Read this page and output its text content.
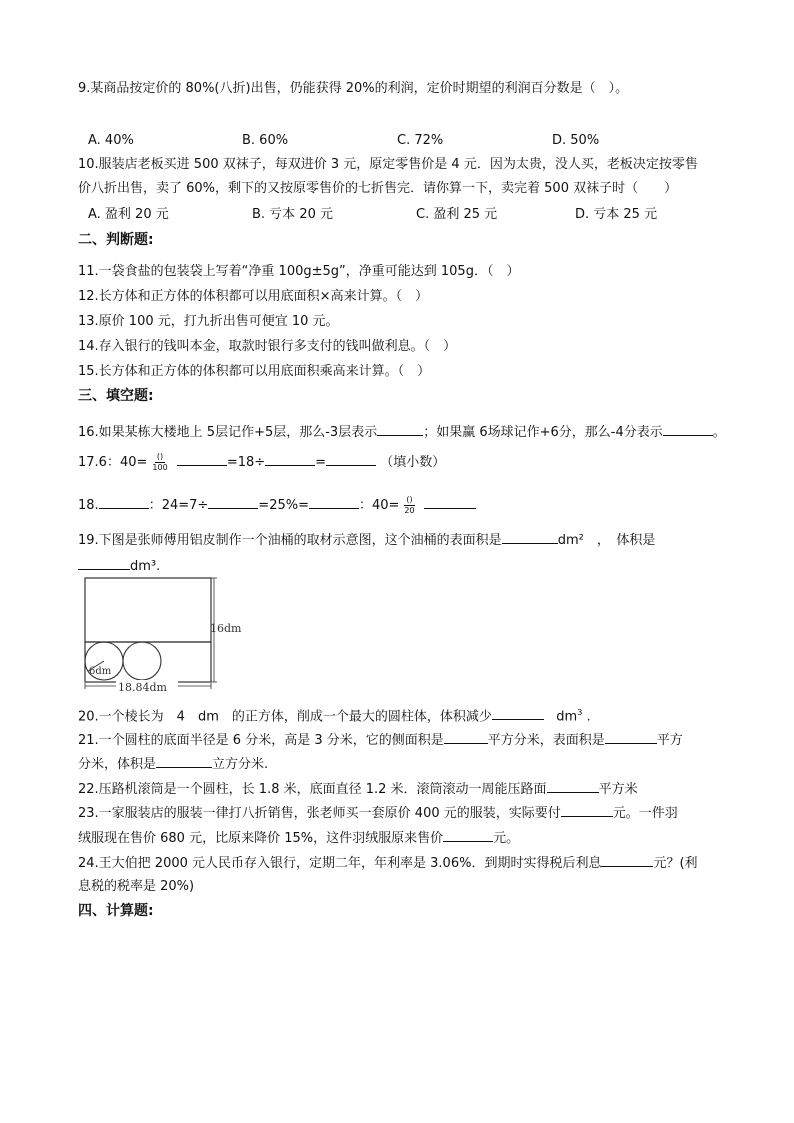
9.某商品按定价的 80%(八折)出售，仍能获得 20%的利润，定价时期望的利润百分数是（　）。
A. 40%	B. 60%	C. 72%	D. 50%
10.服装店老板买进 500 双袜子，每双进价 3 元，原定零售价是 4 元．因为太贵，没人买，老板决定按零售
价八折出售，卖了 60%，剩下的又按原零售价的七折售完．请你算一下，卖完着 500 双袜子时（　　）
A. 盈利 20 元	B. 亏本 20 元	C. 盈利 25 元	D. 亏本 25 元
二、判断题:
11.一袋食盐的包装袋上写着“净重 100g±5g”，净重可能达到 105g．（　）
12.长方体和正方体的体积都可以用底面积×高来计算。（　）
13.原价 100 元，打九折出售可便宜 10 元。
14.存入银行的钱叫本金，取款时银行多支付的钱叫做利息。（　）
15.长方体和正方体的体积都可以用底面积乘高来计算。（　）
三、填空题:
16.如果某栋大楼地上 5层记作+5层，那么-3层表示	；如果赢 6场球记作+6分，那么-4分表示	。
17.6：$40= \frac{()}{100}$	=18÷	=	（填小数）
18.	：24=7÷	=25%=	：$40= \frac{()}{20}$

19.下图是张师傅用铝皮制作一个油桶的取材示意图，这个油桶的表面积是	dm²　，　体积是
dm³.
6dm
16dm
18.84dm
20.一个棱长为　4　dm　的正方体，削成一个最大的圆柱体，体积减少	$dm^3$ .
21.一个圆柱的底面半径是 6 分米，高是 3 分米，它的侧面积是	平方分米，表面积是	平方
分米，体积是	立方分米.
22.压路机滚筒是一个圆柱，长 1.8 米，底面直径 1.2 米．滚筒滚动一周能压路面	平方米
23.一家服装店的服装一律打八折销售，张老师买一套原价 400 元的服装，实际要付	元。一件羽
绒服现在售价 680 元，比原来降价 15%，这件羽绒服原来售价	元。
24.王大伯把 2000 元人民币存入银行，定期二年，年利率是 3.06%．到期时实得税后利息	元？(利
息税的税率是 20%)
四、计算题:
